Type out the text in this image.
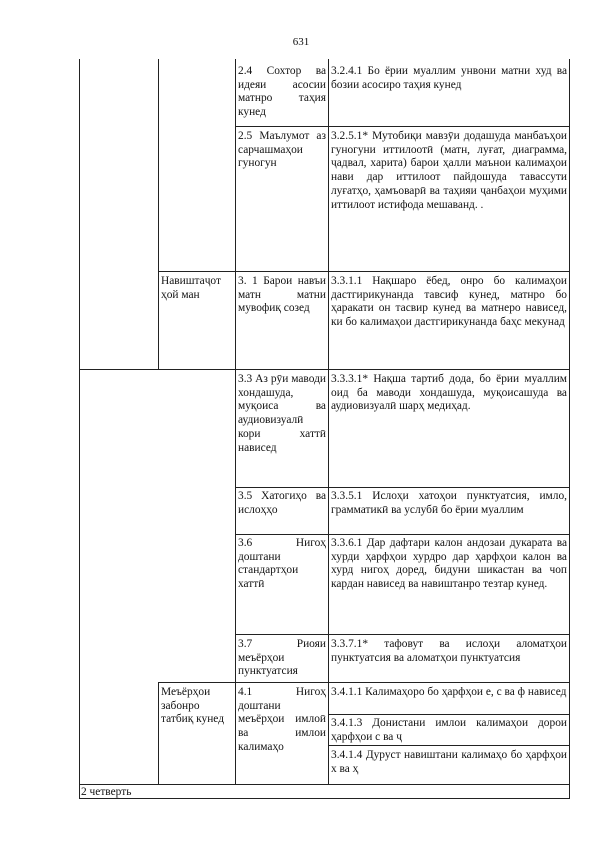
631
2.4 Сохтор ва идеяи асосии матнро таҳия кунед
3.2.4.1 Бо ёрии муаллим унвони матни худ ва бозии асосиро таҳия кунед
2.5 Маълумот аз сарчашмаҳои гуногун
3.2.5.1* Мутобиқи мавзӯи додашуда манбаъҳои гуногуни иттилоотӣ (матн, луғат, диаграмма, ҷадвал, харита) барои ҳалли маънои калимаҳои нави дар иттилоот пайдошуда тавассути луғатҳо, ҳамъоварӣ ва таҳияи ҷанбаҳои муҳими иттилоот истифода мешаванд. .
Навиштаҷот ҳой ман
3. 1 Барои навъи матн матни мувофиқ созед
3.3.1.1 Нақшаро ёбед, онро бо калимаҳои дастгирикунанда тавсиф кунед, матнро бо ҳаракати он тасвир кунед ва матнеро нависед, ки бо калимаҳои дастгирикунанда баҳс мекунад
3.3 Аз рӯи маводи хондашуда, муқоиса ва аудиовизуалӣ кори хаттӣ нависед
3.3.3.1* Нақша тартиб дода, бо ёрии муаллим оид ба маводи хондашуда, муқоисашуда ва аудиовизуалӣ шарҳ медиҳад.
3.5 Хатогиҳо ва ислоҳҳо
3.3.5.1 Ислоҳи хатоҳои пунктуатсия, имло, грамматикӣ ва услубӣ бо ёрии муаллим
3.6 Нигоҳ доштани стандартҳои хаттӣ
3.3.6.1 Дар дафтари калон андозаи дукарата ва хурди ҳарфҳои хурдро дар ҳарфҳои калон ва хурд нигоҳ доред, бидуни шикастан ва чоп кардан нависед ва навиштанро тезтар кунед.
3.7 Риояи меъёрҳои пунктуатсия
3.3.7.1* тафовут ва ислоҳи аломатҳои пунктуатсия ва аломатҳои пунктуатсия
Меъёрҳои забонро татбиқ кунед
4.1 Нигоҳ доштани меъёрҳои имлоӣ ва имлои калимаҳо
3.4.1.1 Калимаҳоро бо ҳарфҳои е, с ва ф нависед
3.4.1.3 Донистани имлои калимаҳои дорои ҳарфҳои с ва ҷ
3.4.1.4 Дуруст навиштани калимаҳо бо ҳарфҳои х ва ҳ
2 четверть
